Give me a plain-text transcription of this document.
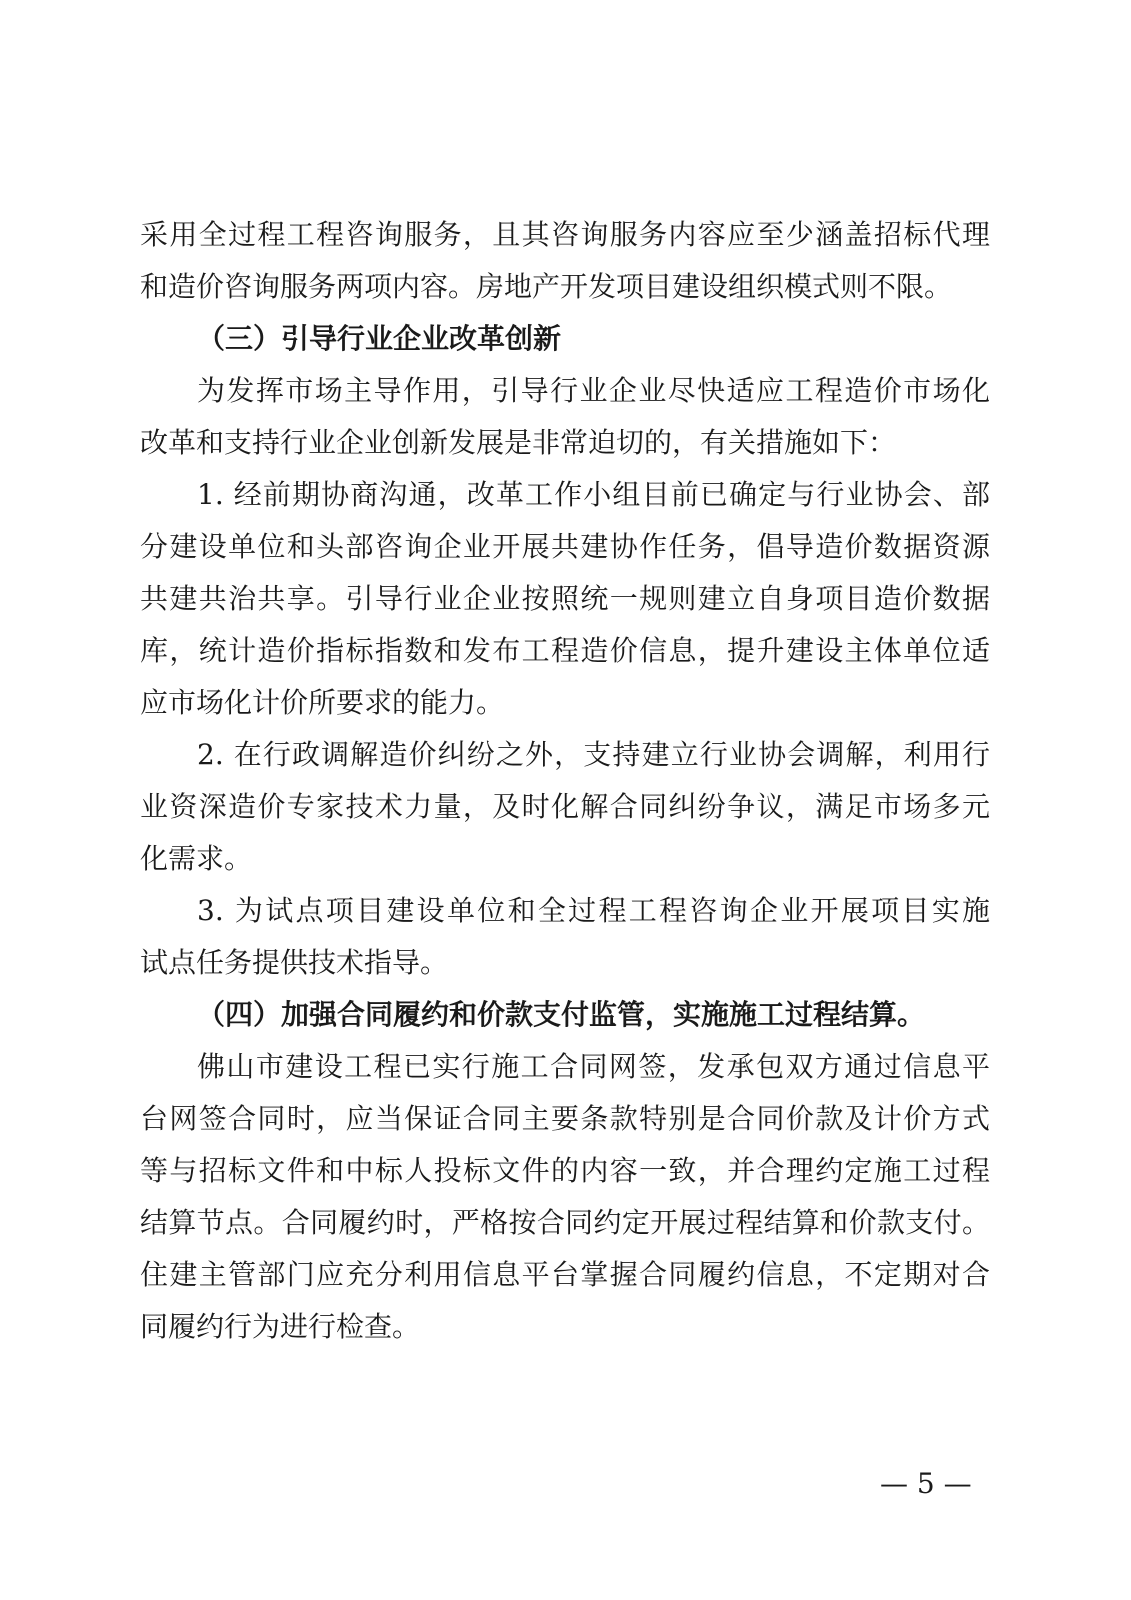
采用全过程工程咨询服务，且其咨询服务内容应至少涵盖招标代理
和造价咨询服务两项内容。房地产开发项目建设组织模式则不限。
（三）引导行业企业改革创新
为发挥市场主导作用，引导行业企业尽快适应工程造价市场化
改革和支持行业企业创新发展是非常迫切的，有关措施如下：
1. 经前期协商沟通，改革工作小组目前已确定与行业协会、部
分建设单位和头部咨询企业开展共建协作任务，倡导造价数据资源
共建共治共享。引导行业企业按照统一规则建立自身项目造价数据
库，统计造价指标指数和发布工程造价信息，提升建设主体单位适
应市场化计价所要求的能力。
2. 在行政调解造价纠纷之外，支持建立行业协会调解，利用行
业资深造价专家技术力量，及时化解合同纠纷争议，满足市场多元
化需求。
3. 为试点项目建设单位和全过程工程咨询企业开展项目实施
试点任务提供技术指导。
（四）加强合同履约和价款支付监管，实施施工过程结算。
佛山市建设工程已实行施工合同网签，发承包双方通过信息平
台网签合同时，应当保证合同主要条款特别是合同价款及计价方式
等与招标文件和中标人投标文件的内容一致，并合理约定施工过程
结算节点。合同履约时，严格按合同约定开展过程结算和价款支付。
住建主管部门应充分利用信息平台掌握合同履约信息，不定期对合
同履约行为进行检查。
— 5 —
